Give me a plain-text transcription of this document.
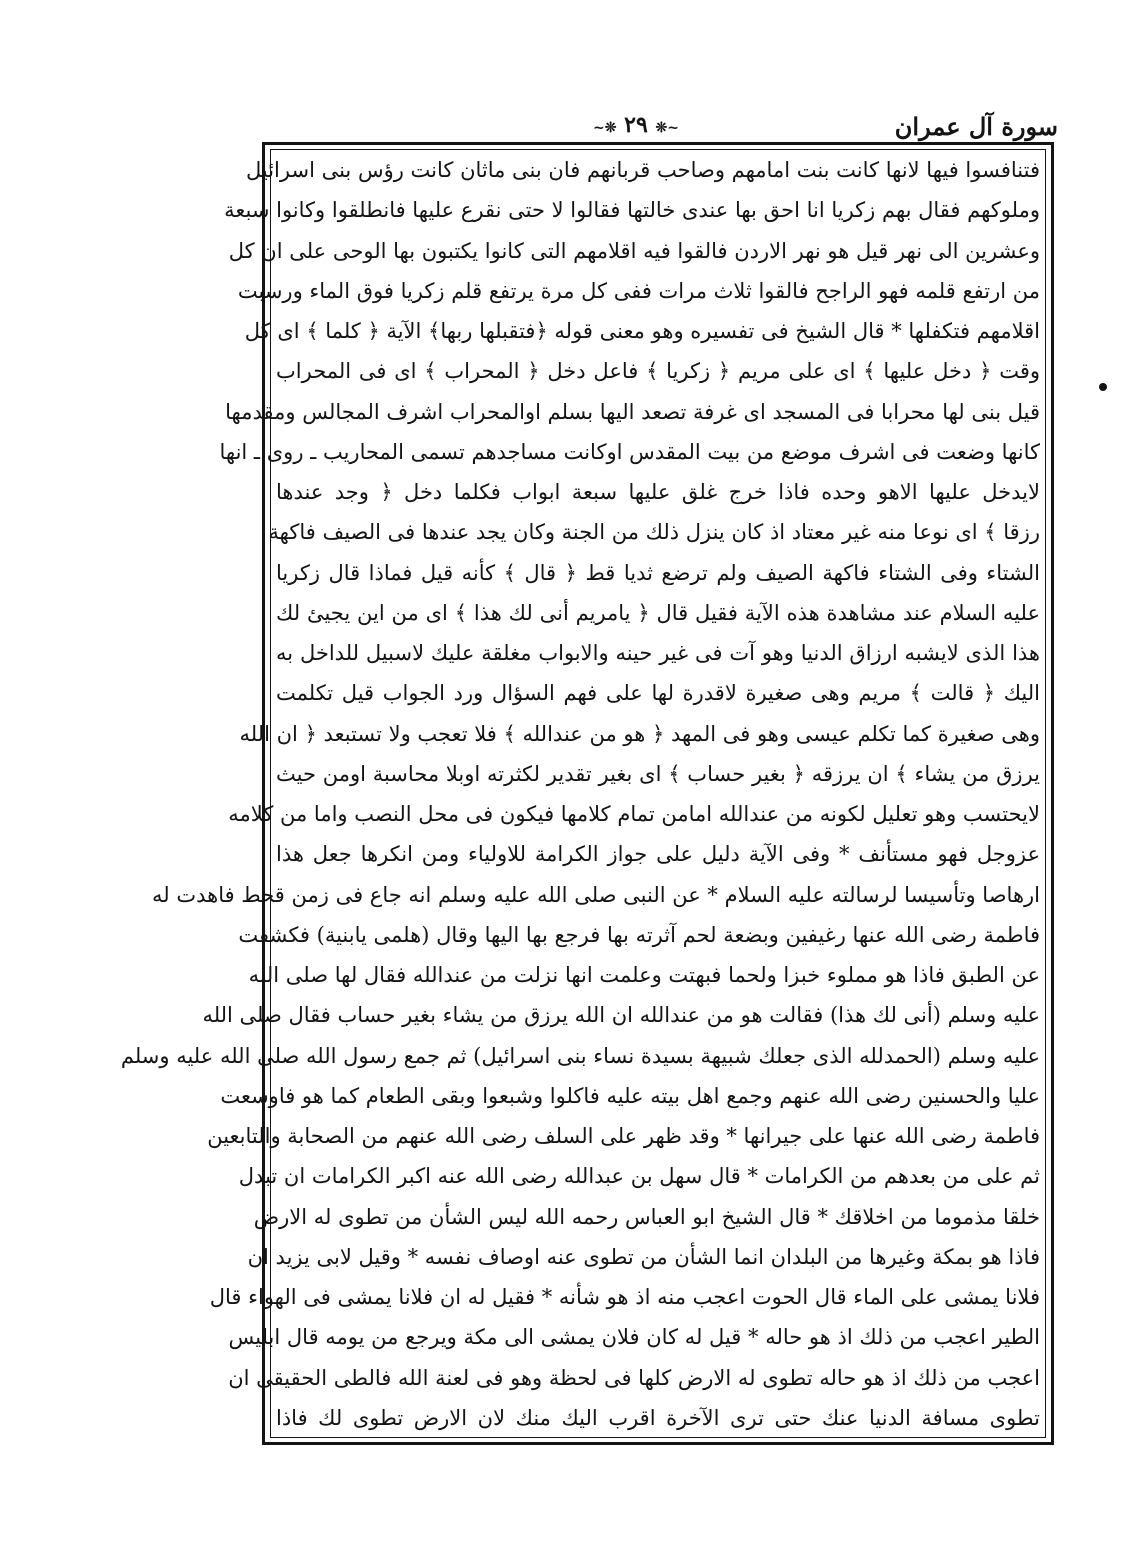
سورة آل عمران
~❊ ٢٩ ❊~
فتنافسوا فيها لانها كانت بنت امامهم وصاحب قربانهم فان بنى ماثان كانت رؤس بنى اسرائيل
وملوكهم فقال بهم زكريا انا احق بها عندى خالتها فقالوا لا حتى نقرع عليها فانطلقوا وكانوا سبعة
وعشرين الى نهر قيل هو نهر الاردن فالقوا فيه اقلامهم التى كانوا يكتبون بها الوحى على ان كل
من ارتفع قلمه فهو الراجح فالقوا ثلاث مرات ففى كل مرة يرتفع قلم زكريا فوق الماء ورسبت
اقلامهم فتكفلها * قال الشيخ فى تفسيره وهو معنى قوله ﴿فتقبلها ربها﴾ الآية ﴿ كلما ﴾ اى كل
وقت ﴿ دخل عليها ﴾ اى على مريم ﴿ زكريا ﴾ فاعل دخل ﴿ المحراب ﴾ اى فى المحراب
قيل بنى لها محرابا فى المسجد اى غرفة تصعد اليها بسلم اوالمحراب اشرف المجالس ومقدمها
كانها وضعت فى اشرف موضع من بيت المقدس اوكانت مساجدهم تسمى المحاريب ـ روى ـ انها
لايدخل عليها الاهو وحده فاذا خرج غلق عليها سبعة ابواب فكلما دخل ﴿ وجد عندها
رزقا ﴾ اى نوعا منه غير معتاد اذ كان ينزل ذلك من الجنة وكان يجد عندها فى الصيف فاكهة
الشتاء وفى الشتاء فاكهة الصيف ولم ترضع ثديا قط ﴿ قال ﴾ كأنه قيل فماذا قال زكريا
عليه السلام عند مشاهدة هذه الآية فقيل قال ﴿ يامريم أنى لك هذا ﴾ اى من اين يجيئ لك
هذا الذى لايشبه ارزاق الدنيا وهو آت فى غير حينه والابواب مغلقة عليك لاسبيل للداخل به
اليك ﴿ قالت ﴾ مريم وهى صغيرة لاقدرة لها على فهم السؤال ورد الجواب قيل تكلمت
وهى صغيرة كما تكلم عيسى وهو فى المهد ﴿ هو من عندالله ﴾ فلا تعجب ولا تستبعد ﴿ ان الله
يرزق من يشاء ﴾ ان يرزقه ﴿ بغير حساب ﴾ اى بغير تقدير لكثرته اوبلا محاسبة اومن حيث
لايحتسب وهو تعليل لكونه من عندالله امامن تمام كلامها فيكون فى محل النصب واما من كلامه
عزوجل فهو مستأنف * وفى الآية دليل على جواز الكرامة للاولياء ومن انكرها جعل هذا
ارهاصا وتأسيسا لرسالته عليه السلام * عن النبى صلى الله عليه وسلم انه جاع فى زمن قحط فاهدت له
فاطمة رضى الله عنها رغيفين وبضعة لحم آثرته بها فرجع بها اليها وقال (هلمى يابنية) فكشفت
عن الطبق فاذا هو مملوء خبزا ولحما فبهتت وعلمت انها نزلت من عندالله فقال لها صلى الله
عليه وسلم (أنى لك هذا) فقالت هو من عندالله ان الله يرزق من يشاء بغير حساب فقال صلى الله
عليه وسلم (الحمدلله الذى جعلك شبيهة بسيدة نساء بنى اسرائيل) ثم جمع رسول الله صلى الله عليه وسلم
عليا والحسنين رضى الله عنهم وجمع اهل بيته عليه فاكلوا وشبعوا وبقى الطعام كما هو فاوسعت
فاطمة رضى الله عنها على جيرانها * وقد ظهر على السلف رضى الله عنهم من الصحابة والتابعين
ثم على من بعدهم من الكرامات * قال سهل بن عبدالله رضى الله عنه اكبر الكرامات ان تبدل
خلقا مذموما من اخلاقك * قال الشيخ ابو العباس رحمه الله ليس الشأن من تطوى له الارض
فاذا هو بمكة وغيرها من البلدان انما الشأن من تطوى عنه اوصاف نفسه * وقيل لابى يزيد ان
فلانا يمشى على الماء قال الحوت اعجب منه اذ هو شأنه * فقيل له ان فلانا يمشى فى الهواء قال
الطير اعجب من ذلك اذ هو حاله * قيل له كان فلان يمشى الى مكة ويرجع من يومه قال ابليس
اعجب من ذلك اذ هو حاله تطوى له الارض كلها فى لحظة وهو فى لعنة الله فالطى الحقيقى ان
تطوى مسافة الدنيا عنك حتى ترى الآخرة اقرب اليك منك لان الارض تطوى لك فاذا
